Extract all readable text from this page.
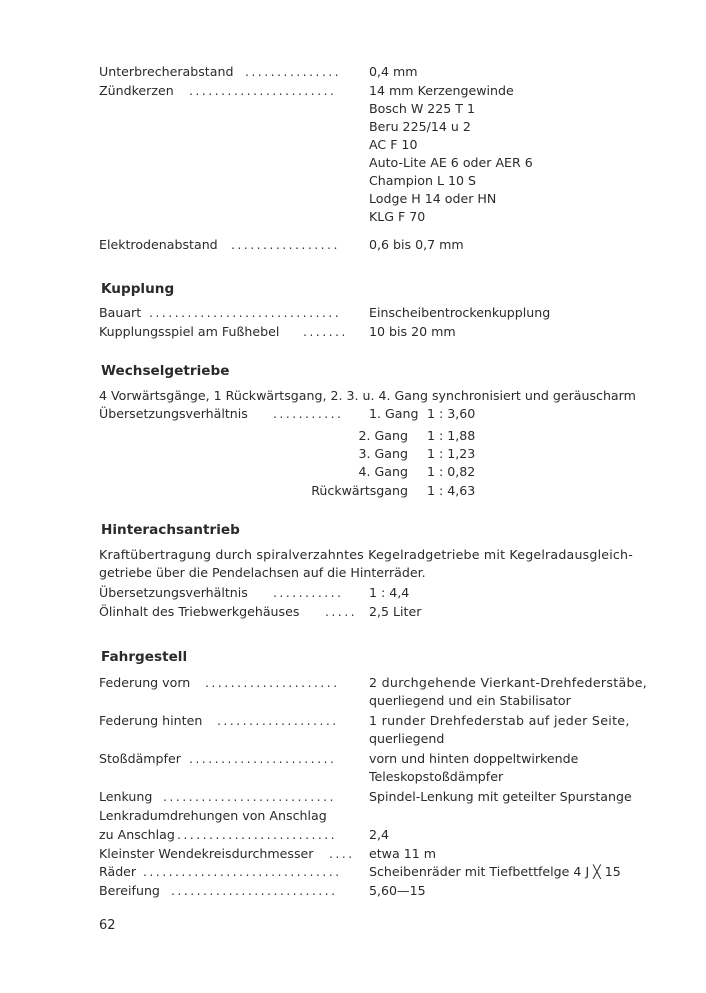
Unterbrecherabstand ............... 0,4 mm
Zündkerzen .......................	14 mm Kerzengewinde
Bosch W 225 T 1
Beru 225/14 u 2
AC F 10
Auto-Lite AE 6 oder AER 6
Champion L 10 S
Lodge H 14 oder HN
KLG F 70
Elektrodenabstand ................. 0,6 bis 0,7 mm
Kupplung
Bauart .............................. Einscheibentrockenkupplung
Kupplungsspiel am Fußhebel ....... 10 bis 20 mm
Wechselgetriebe
4 Vorwärtsgänge, 1 Rückwärtsgang, 2. 3. u. 4. Gang synchronisiert und geräuscharm
Übersetzungsverhältnis ........... 1. Gang 1 : 3,60
2. Gang 1 : 1,88
3. Gang 1 : 1,23
4. Gang 1 : 0,82
Rückwärtsgang 1 : 4,63
Hinterachsantrieb
Kraftübertragung durch spiralverzahntes Kegelradgetriebe mit Kegelradausgleich-
getriebe über die Pendelachsen auf die Hinterräder.
Übersetzungsverhältnis ........... 1 : 4,4
Ölinhalt des Triebwerkgehäuses ..... 2,5 Liter
Fahrgestell
Federung vorn ..................... 2 durchgehende Vierkant-Drehfederstäbe,
querliegend und ein Stabilisator
Federung hinten ................... 1 runder Drehfederstab auf jeder Seite,
querliegend
Stoßdämpfer .......................	vorn und hinten doppeltwirkende
Teleskopstoßdämpfer
Lenkung ...........................	Spindel-Lenkung mit geteilter Spurstange
Lenkradumdrehungen von Anschlag
zu Anschlag .........................	2,4
Kleinster Wendekreisdurchmesser .... etwa 11 m
Räder ............................... Scheibenräder mit Tiefbettfelge 4 J ╳ 15
Bereifung ..........................	5,60—15
62
